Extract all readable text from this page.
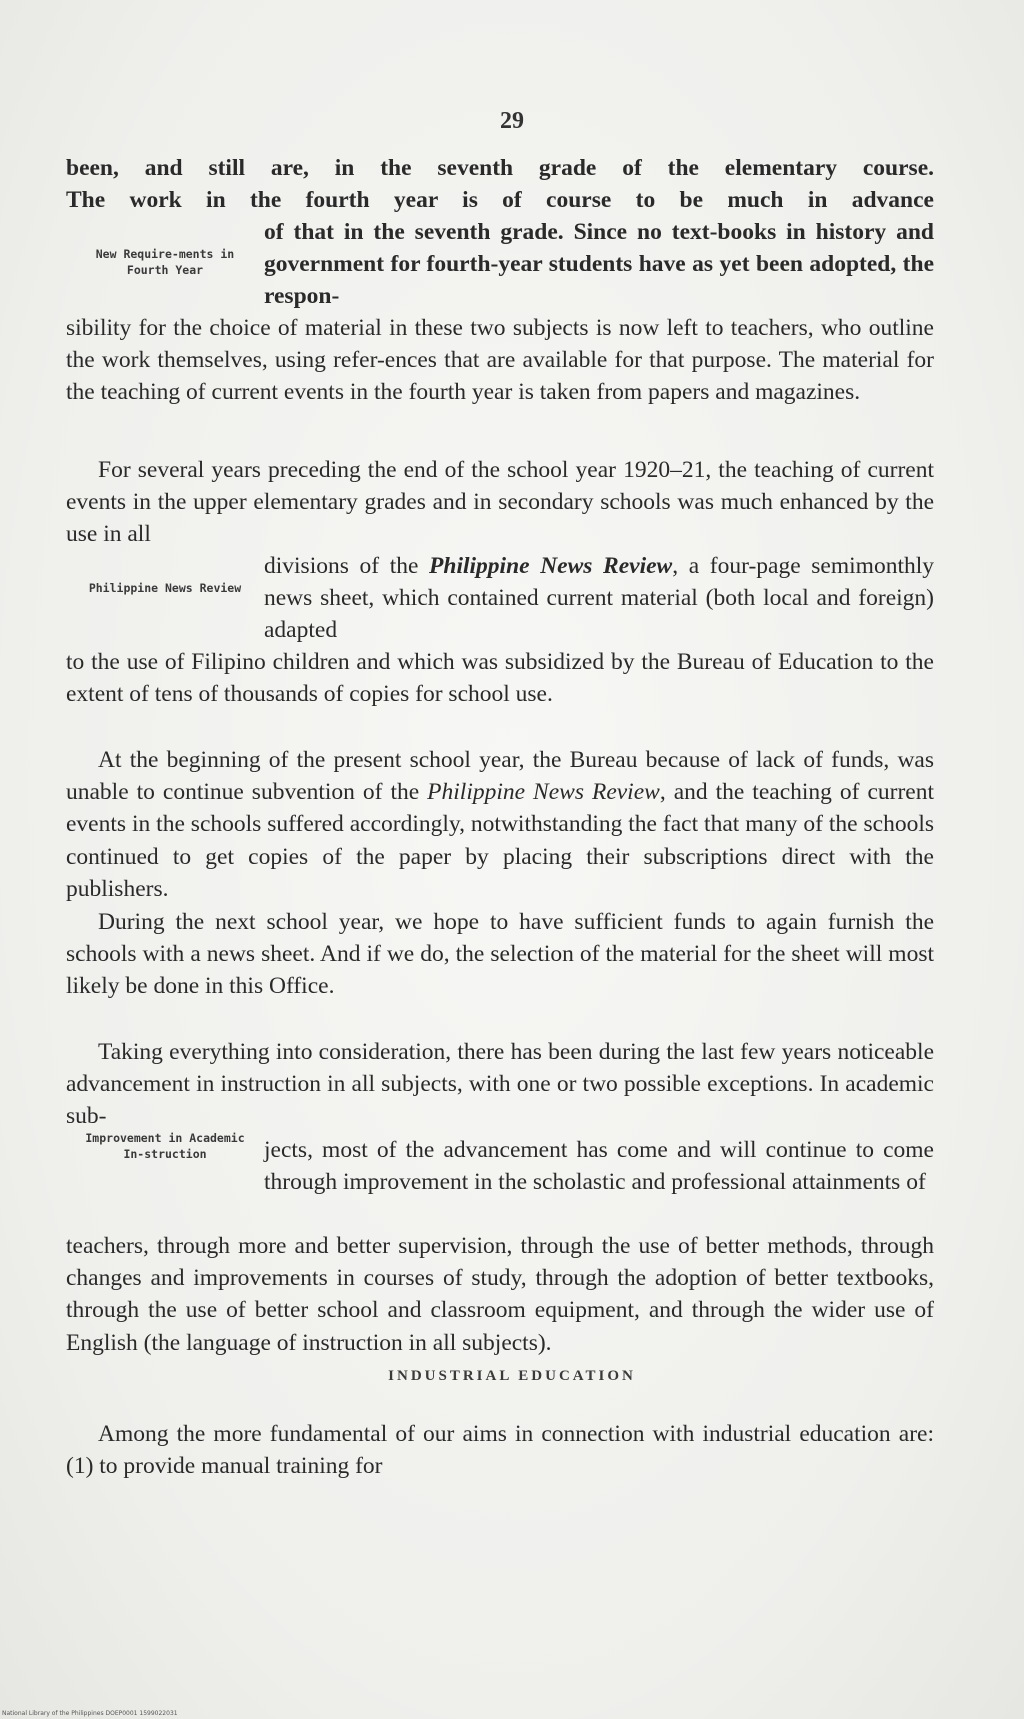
29

been, and still are, in the seventh grade of the elementary course.

The work in the fourth year is of course to be much in advance

New Require-ments in Fourth Year
of that in the seventh grade. Since no text-books in history and government for fourth-year students have as yet been adopted, the respon-

sibility for the choice of material in these two subjects is now left to teachers, who outline the work themselves, using refer-ences that are available for that purpose. The material for the teaching of current events in the fourth year is taken from papers and magazines.

For several years preceding the end of the school year 1920–21, the teaching of current events in the upper elementary grades and in secondary schools was much enhanced by the use in all

Philippine News Review
divisions of the Philippine News Review, a four-page semimonthly news sheet, which contained current material (both local and foreign) adapted

to the use of Filipino children and which was subsidized by the Bureau of Education to the extent of tens of thousands of copies for school use.

At the beginning of the present school year, the Bureau because of lack of funds, was unable to continue subvention of the Philippine News Review, and the teaching of current events in the schools suffered accordingly, notwithstanding the fact that many of the schools continued to get copies of the paper by placing their subscriptions direct with the publishers.

During the next school year, we hope to have sufficient funds to again furnish the schools with a news sheet. And if we do, the selection of the material for the sheet will most likely be done in this Office.

Taking everything into consideration, there has been during the last few years noticeable advancement in instruction in all subjects, with one or two possible exceptions. In academic sub-

Improvement in Academic In-struction	jects, most of the advancement has come and will continue to come through improvement in the scholastic and professional attainments of

teachers, through more and better supervision, through the use of better methods, through changes and improvements in courses of study, through the adoption of better textbooks, through the use of better school and classroom equipment, and through the wider use of English (the language of instruction in all subjects).

INDUSTRIAL EDUCATION

Among the more fundamental of our aims in connection with industrial education are: (1) to provide manual training for

National Library of the Philippines DOEP0001 1599022031
